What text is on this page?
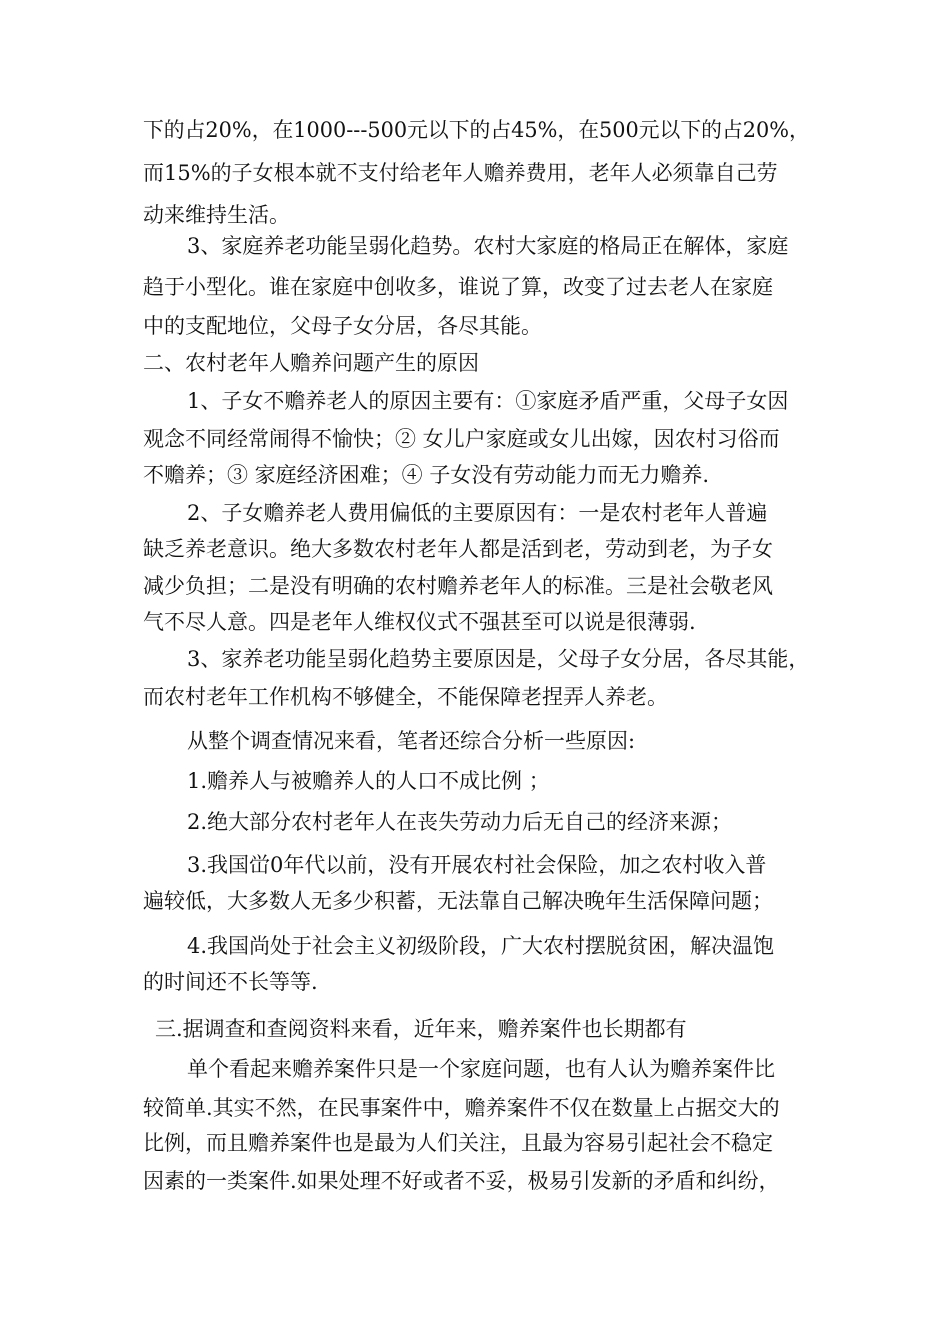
下的占20%，在1000---500元以下的占45%，在500元以下的占20%，
而15%的子女根本就不支付给老年人赡养费用，老年人必须靠自己劳
动来维持生活。
3、家庭养老功能呈弱化趋势。农村大家庭的格局正在解体，家庭
趋于小型化。谁在家庭中创收多，谁说了算，改变了过去老人在家庭
中的支配地位，父母子女分居，各尽其能。
二、农村老年人赡养问题产生的原因
1、子女不赡养老人的原因主要有：①家庭矛盾严重，父母子女因
观念不同经常闹得不愉快；② 女儿户家庭或女儿出嫁，因农村习俗而
不赡养；③ 家庭经济困难；④ 子女没有劳动能力而无力赡养.
2、子女赡养老人费用偏低的主要原因有：一是农村老年人普遍
缺乏养老意识。绝大多数农村老年人都是活到老，劳动到老，为子女
减少负担；二是没有明确的农村赡养老年人的标准。三是社会敬老风
气不尽人意。四是老年人维权仪式不强甚至可以说是很薄弱.
3、家养老功能呈弱化趋势主要原因是，父母子女分居，各尽其能，
而农村老年工作机构不够健全，不能保障老捏弄人养老。
从整个调查情况来看，笔者还综合分析一些原因:
1.赡养人与被赡养人的人口不成比例 ；
2.绝大部分农村老年人在丧失劳动力后无自己的经济来源；
3.我国峃0年代以前，没有开展农村社会保险，加之农村收入普
遍较低，大多数人无多少积蓄，无法靠自己解决晚年生活保障问题；
4.我国尚处于社会主义初级阶段，广大农村摆脱贫困，解决温饱
的时间还不长等等.
三.据调查和查阅资料来看，近年来，赡养案件也长期都有
单个看起来赡养案件只是一个家庭问题，也有人认为赡养案件比
较简单.其实不然，在民事案件中，赡养案件不仅在数量上占据交大的
比例，而且赡养案件也是最为人们关注，且最为容易引起社会不稳定
因素的一类案件.如果处理不好或者不妥，极易引发新的矛盾和纠纷，
